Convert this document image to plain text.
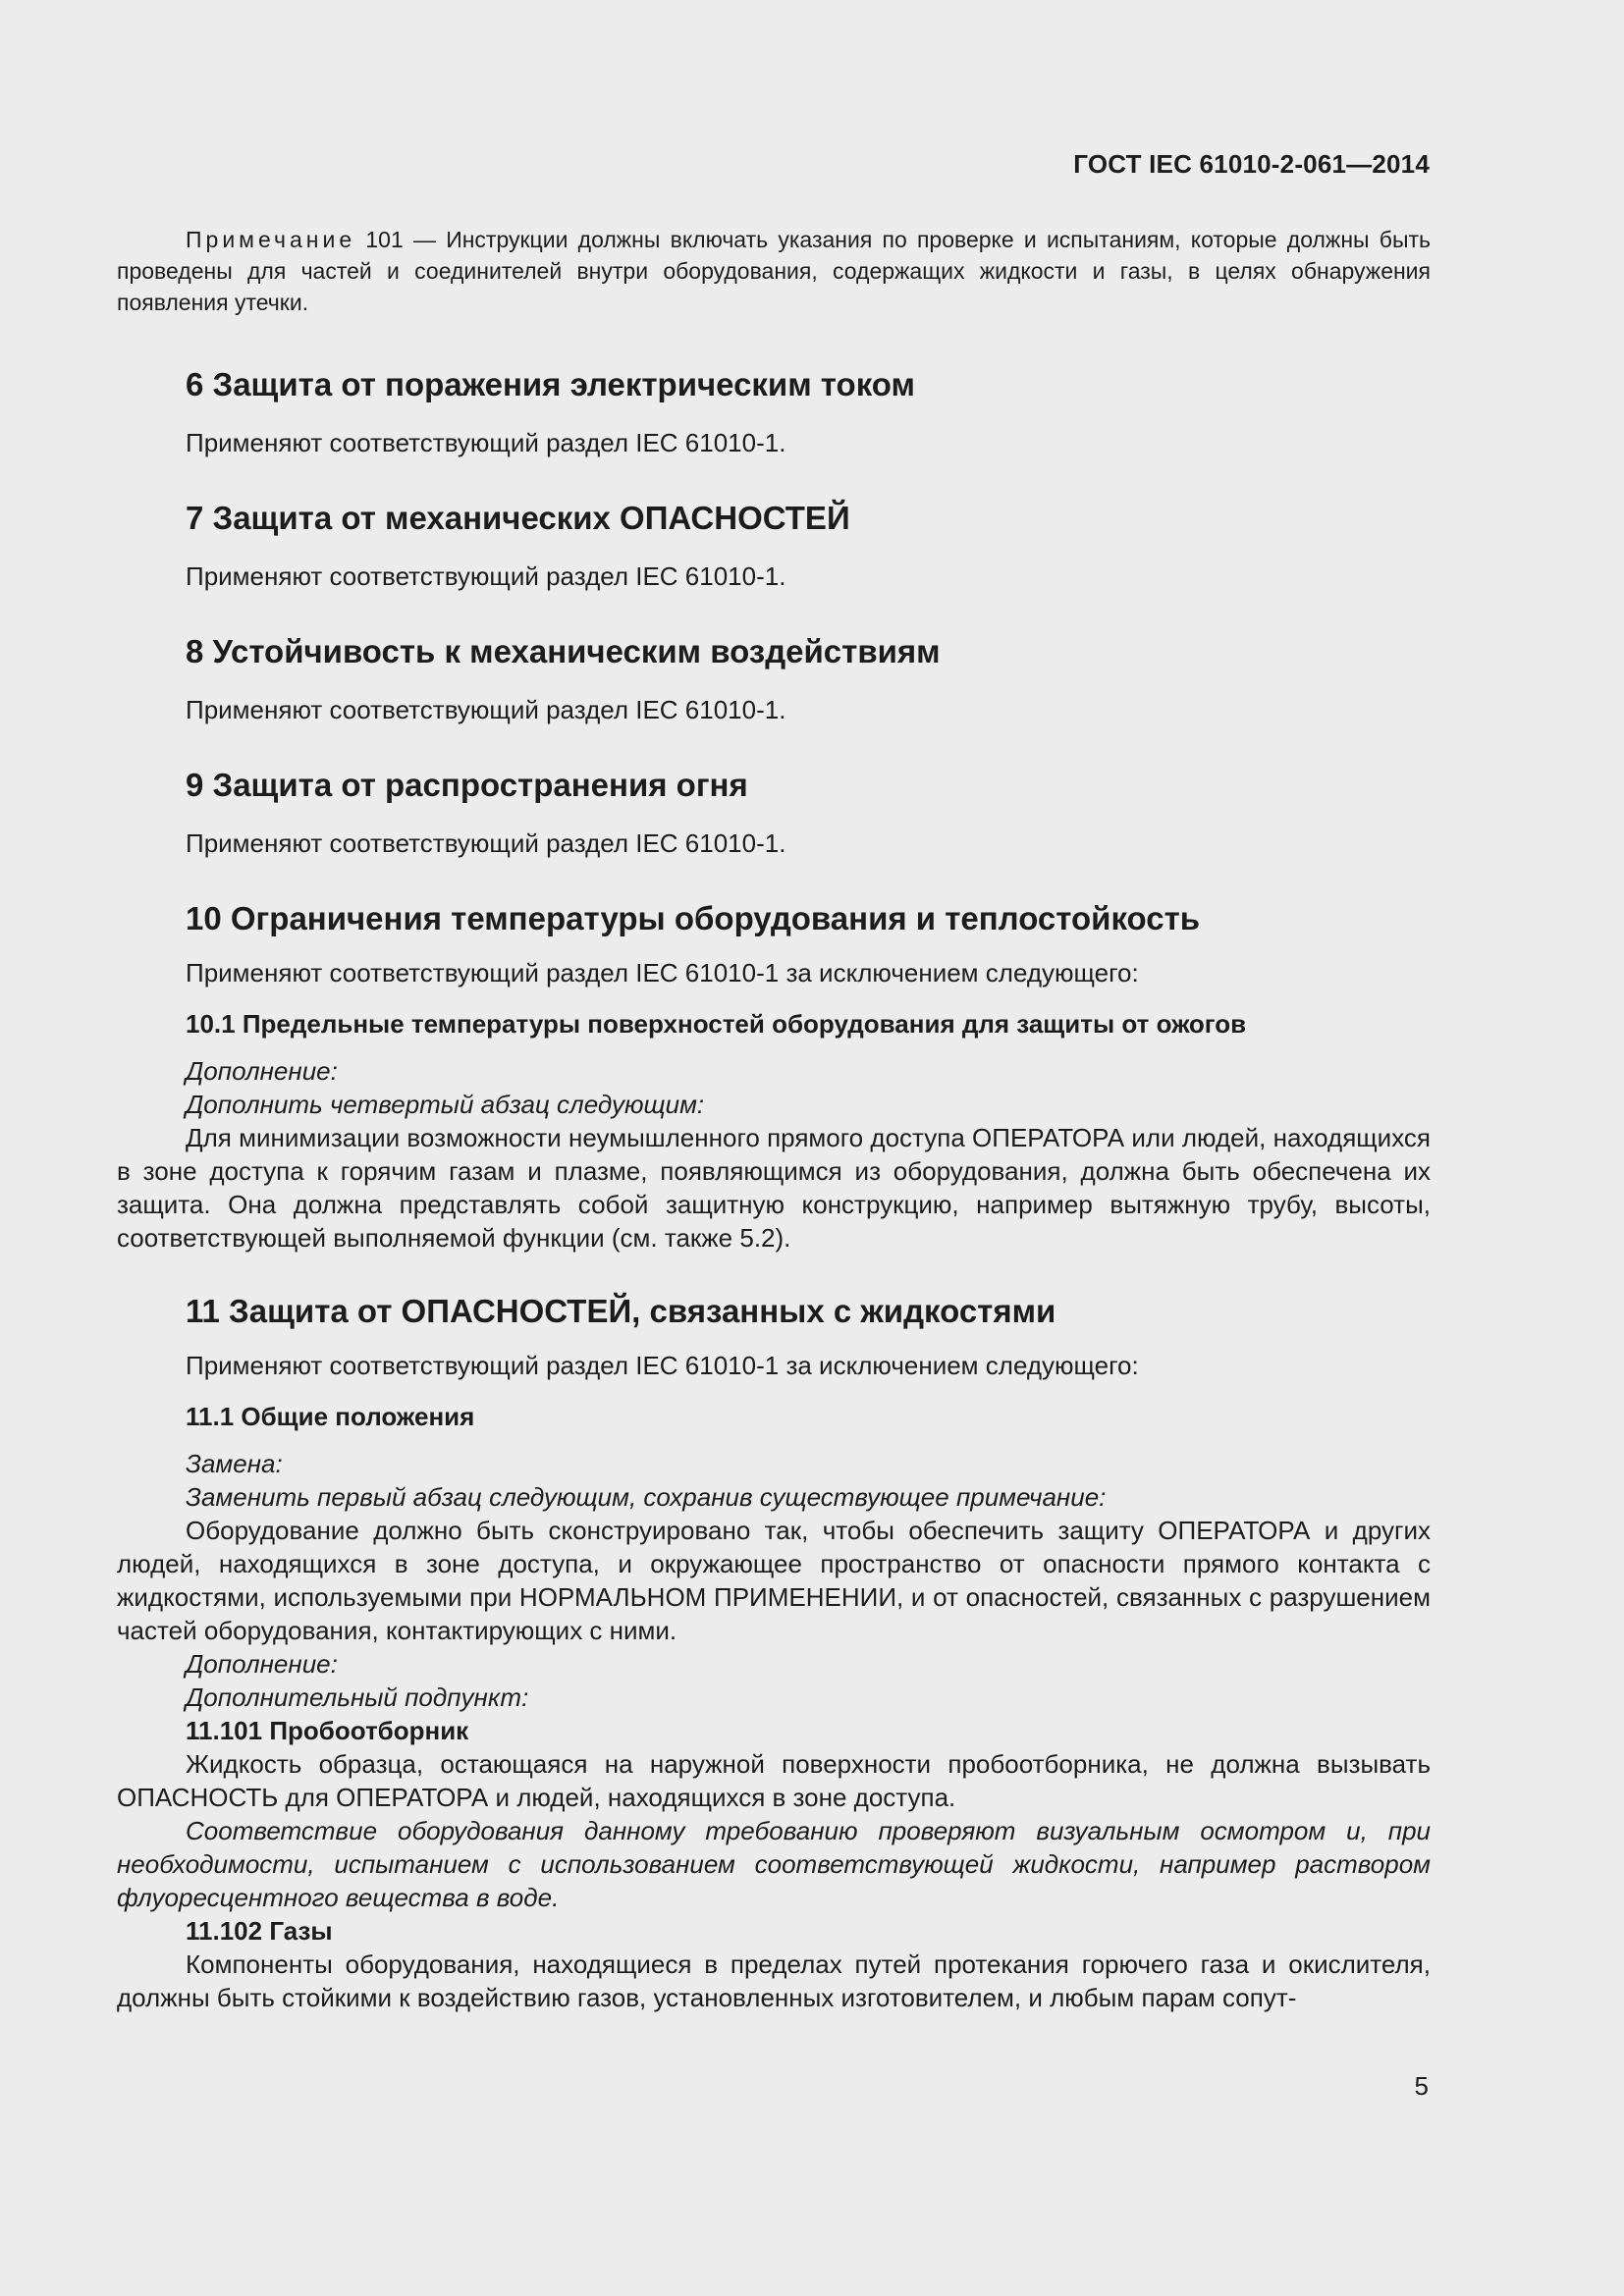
ГОСТ IEC 61010-2-061—2014

Примечание 101 — Инструкции должны включать указания по проверке и испытаниям, которые должны быть проведены для частей и соединителей внутри оборудования, содержащих жидкости и газы, в целях обнаружения появления утечки.

6 Защита от поражения электрическим током

Применяют соответствующий раздел IEC 61010-1.

7 Защита от механических ОПАСНОСТЕЙ

Применяют соответствующий раздел IEC 61010-1.

8 Устойчивость к механическим воздействиям

Применяют соответствующий раздел IEC 61010-1.

9 Защита от распространения огня

Применяют соответствующий раздел IEC 61010-1.

10 Ограничения температуры оборудования и теплостойкость

Применяют соответствующий раздел IEC 61010-1 за исключением следующего:

10.1 Предельные температуры поверхностей оборудования для защиты от ожогов

Дополнение:

Дополнить четвертый абзац следующим:

Для минимизации возможности неумышленного прямого доступа ОПЕРАТОРА или людей, находящихся в зоне доступа к горячим газам и плазме, появляющимся из оборудования, должна быть обеспечена их защита. Она должна представлять собой защитную конструкцию, например вытяжную трубу, высоты, соответствующей выполняемой функции (см. также 5.2).

11 Защита от ОПАСНОСТЕЙ, связанных с жидкостями

Применяют соответствующий раздел IEC 61010-1 за исключением следующего:

11.1 Общие положения

Замена:

Заменить первый абзац следующим, сохранив существующее примечание:

Оборудование должно быть сконструировано так, чтобы обеспечить защиту ОПЕРАТОРА и других людей, находящихся в зоне доступа, и окружающее пространство от опасности прямого контакта с жидкостями, используемыми при НОРМАЛЬНОМ ПРИМЕНЕНИИ, и от опасностей, связанных с разрушением частей оборудования, контактирующих с ними.

Дополнение:

Дополнительный подпункт:

11.101 Пробоотборник

Жидкость образца, остающаяся на наружной поверхности пробоотборника, не должна вызывать ОПАСНОСТЬ для ОПЕРАТОРА и людей, находящихся в зоне доступа.

Соответствие оборудования данному требованию проверяют визуальным осмотром и, при необходимости, испытанием с использованием соответствующей жидкости, например раствором флуоресцентного вещества в воде.

11.102 Газы

Компоненты оборудования, находящиеся в пределах путей протекания горючего газа и окислителя, должны быть стойкими к воздействию газов, установленных изготовителем, и любым парам сопут-

5
